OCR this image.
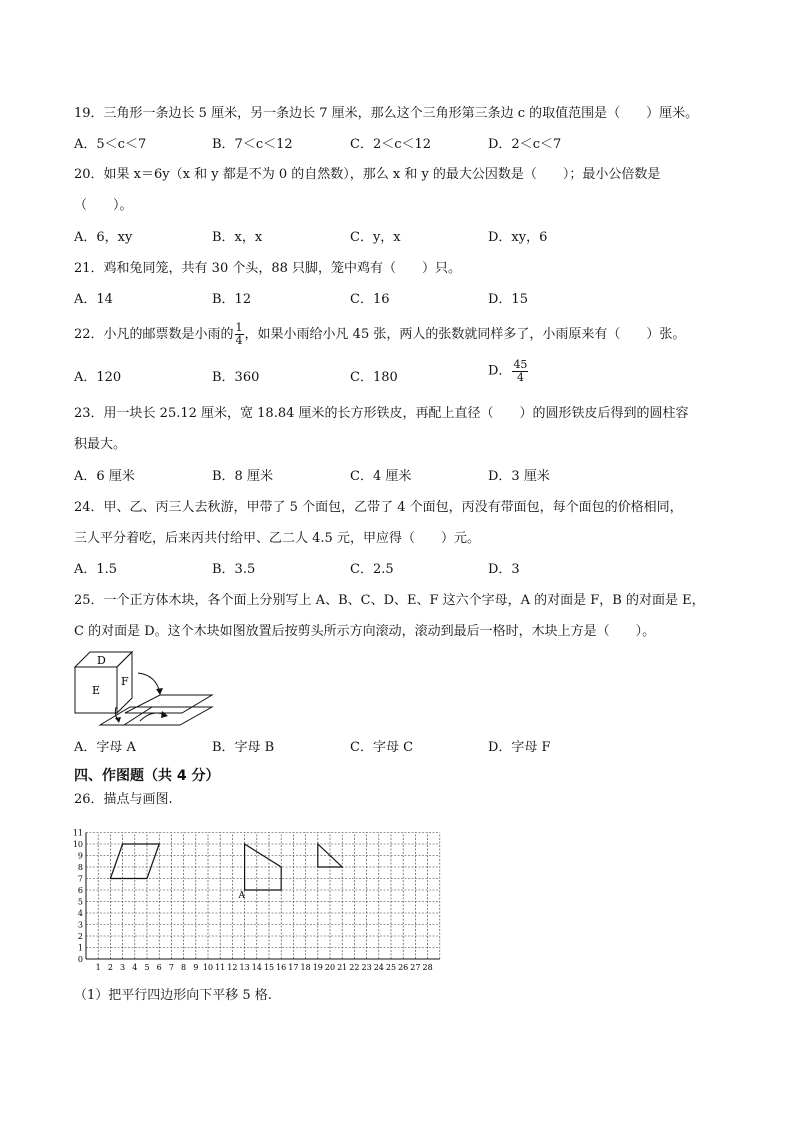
19．三角形一条边长 5 厘米，另一条边长 7 厘米，那么这个三角形第三条边 c 的取值范围是（　　）厘米。
A．5＜c＜7	B．7＜c＜12	C．2＜c＜12	D．2＜c＜7
20．如果 x＝6y（x 和 y 都是不为 0 的自然数），那么 x 和 y 的最大公因数是（　　）；最小公倍数是
（　　）。
A．6，xy	B．x，x	C．y，x	D．xy，6
21．鸡和兔同笼，共有 30 个头，88 只脚，笼中鸡有（　　）只。
A．14	B．12	C．16	D．15
22．小凡的邮票数是小雨的 $\frac{1}{4}$ ，如果小雨给小凡 45 张，两人的张数就同样多了，小雨原来有（　　）张。
A．120	B．360	C．180	D． $\frac{45}{4}$
23．用一块长 25.12 厘米，宽 18.84 厘米的长方形铁皮，再配上直径（　　）的圆形铁皮后得到的圆柱容
积最大。
A．6 厘米	B．8 厘米	C．4 厘米	D．3 厘米
24．甲、乙、丙三人去秋游，甲带了 5 个面包，乙带了 4 个面包，丙没有带面包，每个面包的价格相同，
三人平分着吃，后来丙共付给甲、乙二人 4.5 元，甲应得（　　）元。
A．1.5	B．3.5	C．2.5	D．3
25．一个正方体木块，各个面上分别写上 A、B、C、D、E、F 这六个字母，A 的对面是 F，B 的对面是 E，
C 的对面是 D。这个木块如图放置后按剪头所示方向滚动，滚动到最后一格时，木块上方是（　　）。
D
E
F
A．字母 A	B．字母 B	C．字母 C	D．字母 F
四、作图题（共 4 分）
26．描点与画图.
1 2 3 4 5 6 7 8 9 10 11 12 13 14 15 16 17 18 19 20 21 22 23 24 25 26 27 28
0
1
2
3
4
5
6
7
8
9
10
11
A
（1）把平行四边形向下平移 5 格.
